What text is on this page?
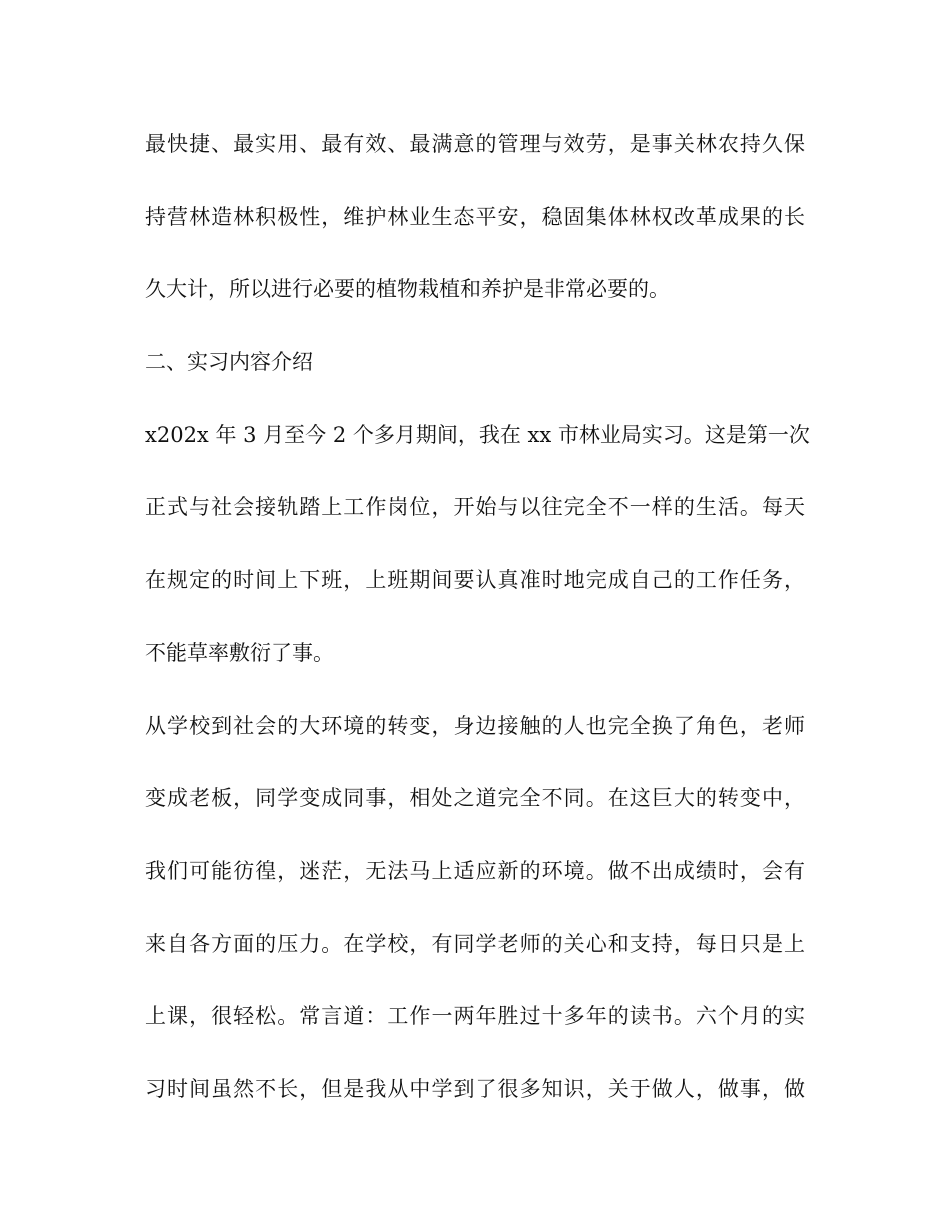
最快捷、最实用、最有效、最满意的管理与效劳，是事关林农持久保
持营林造林积极性，维护林业生态平安，稳固集体林权改革成果的长
久大计，所以进行必要的植物栽植和养护是非常必要的。
二、实习内容介绍
x202x 年 3 月至今 2 个多月期间，我在 xx 市林业局实习。这是第一次
正式与社会接轨踏上工作岗位，开始与以往完全不一样的生活。每天
在规定的时间上下班，上班期间要认真准时地完成自己的工作任务，
不能草率敷衍了事。
从学校到社会的大环境的转变，身边接触的人也完全换了角色，老师
变成老板，同学变成同事，相处之道完全不同。在这巨大的转变中，
我们可能彷徨，迷茫，无法马上适应新的环境。做不出成绩时，会有
来自各方面的压力。在学校，有同学老师的关心和支持，每日只是上
上课，很轻松。常言道：工作一两年胜过十多年的读书。六个月的实
习时间虽然不长，但是我从中学到了很多知识，关于做人，做事，做
